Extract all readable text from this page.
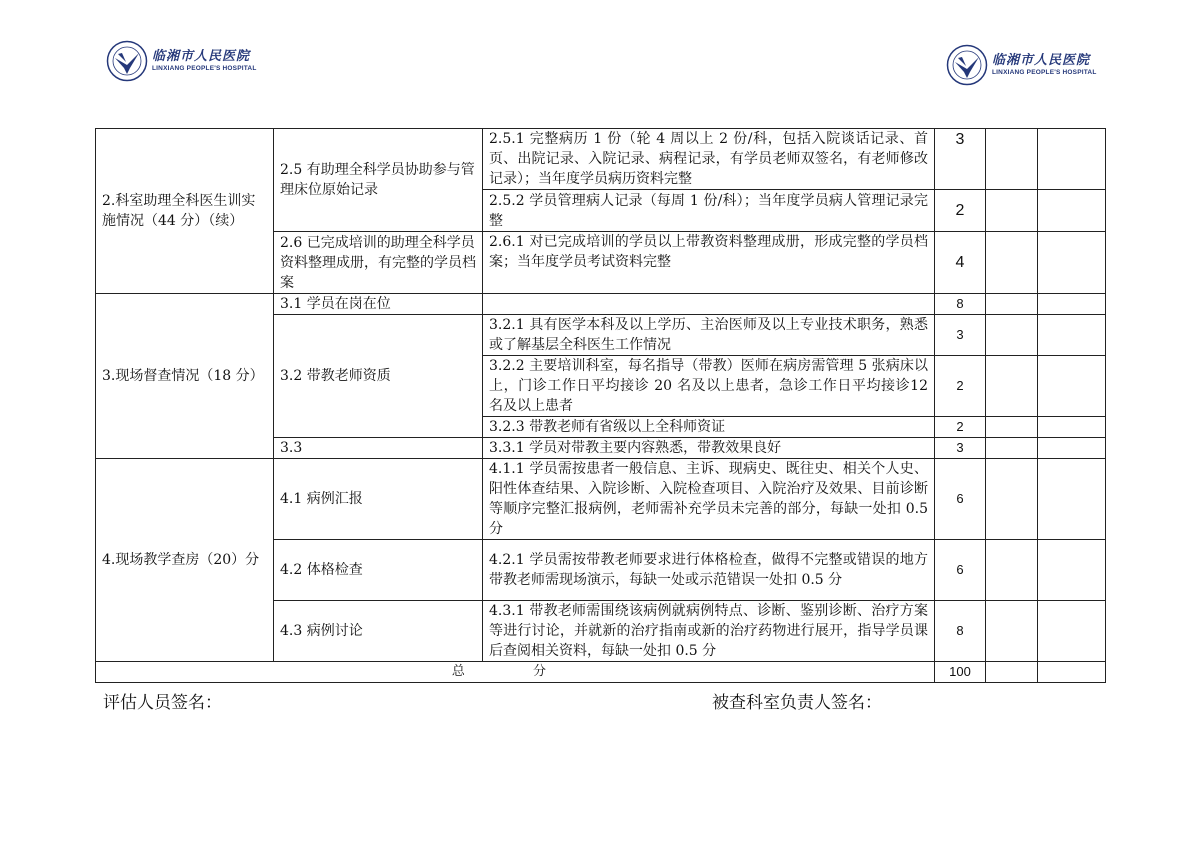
临湘市人民医院
LINXIANG PEOPLE'S HOSPITAL
临湘市人民医院
LINXIANG PEOPLE'S HOSPITAL
2.科室助理全科医生训实施情况（44 分）（续）	2.5 有助理全科学员协助参与管理床位原始记录	2.5.1 完整病历 1 份（轮 4 周以上 2 份/科，包括入院谈话记录、首页、出院记录、入院记录、病程记录，有学员老师双签名，有老师修改记录）；当年度学员病历资料完整	3		
		2.5.2 学员管理病人记录（每周 1 份/科）；当年度学员病人管理记录完整	2		
	2.6 已完成培训的助理全科学员资料整理成册，有完整的学员档案	2.6.1 对已完成培训的学员以上带教资料整理成册，形成完整的学员档案；当年度学员考试资料完整	4		
3.现场督查情况（18 分）	3.1 学员在岗在位		8		
	3.2 带教老师资质	3.2.1 具有医学本科及以上学历、主治医师及以上专业技术职务，熟悉或了解基层全科医生工作情况	3		
		3.2.2 主要培训科室，每名指导（带教）医师在病房需管理 5 张病床以上，门诊工作日平均接诊 20 名及以上患者，急诊工作日平均接诊12 名及以上患者	2		
		3.2.3 带教老师有省级以上全科师资证	2		
	3.3	3.3.1 学员对带教主要内容熟悉，带教效果良好	3		
4.现场教学查房（20）分	4.1 病例汇报	4.1.1 学员需按患者一般信息、主诉、现病史、既往史、相关个人史、阳性体查结果、入院诊断、入院检查项目、入院治疗及效果、目前诊断等顺序完整汇报病例，老师需补充学员未完善的部分，每缺一处扣 0.5 分	6		
	4.2 体格检查	4.2.1 学员需按带教老师要求进行体格检查，做得不完整或错误的地方带教老师需现场演示，每缺一处或示范错误一处扣 0.5 分	6		
	4.3 病例讨论	4.3.1 带教老师需围绕该病例就病例特点、诊断、鉴别诊断、治疗方案等进行讨论，并就新的治疗指南或新的治疗药物进行展开，指导学员课后查阅相关资料，每缺一处扣 0.5 分	8		
总 分			100		
评估人员签名：	被查科室负责人签名：
